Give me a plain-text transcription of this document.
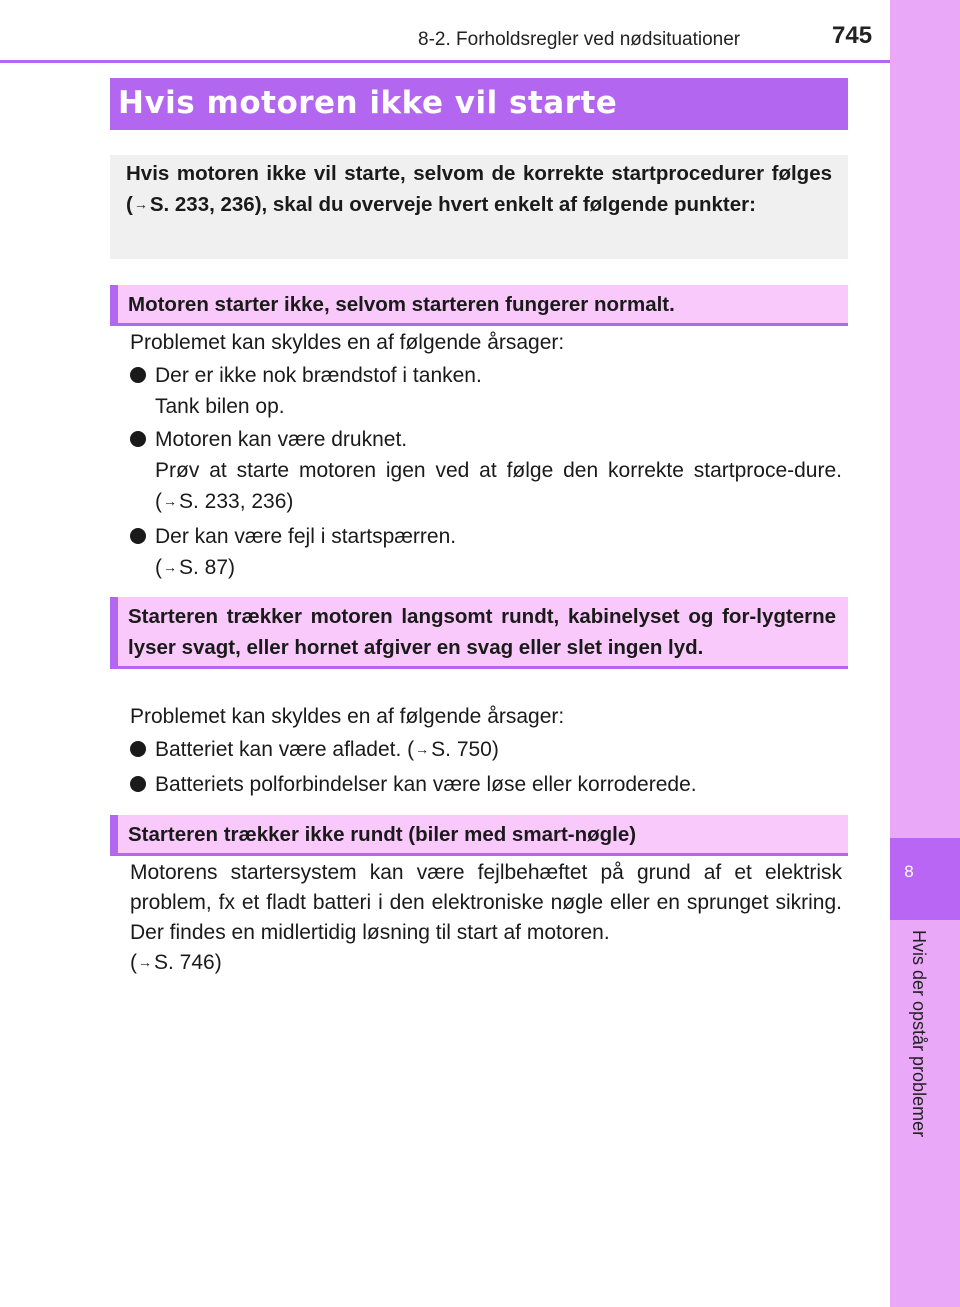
8-2. Forholdsregler ved nødsituationer	745
8
Hvis der opstår problemer
Hvis motoren ikke vil starte
Hvis motoren ikke vil starte, selvom de korrekte startprocedurer følges (→S. 233, 236), skal du overveje hvert enkelt af følgende punkter:
Motoren starter ikke, selvom starteren fungerer normalt.
Problemet kan skyldes en af følgende årsager:
Der er ikke nok brændstof i tanken.
Tank bilen op.
Motoren kan være druknet.
Prøv at starte motoren igen ved at følge den korrekte startproce-dure. (→S. 233, 236)
Der kan være fejl i startspærren.
(→S. 87)
Starteren trækker motoren langsomt rundt, kabinelyset og for-lygterne lyser svagt, eller hornet afgiver en svag eller slet ingen lyd.
Problemet kan skyldes en af følgende årsager:
Batteriet kan være afladet. (→S. 750)
Batteriets polforbindelser kan være løse eller korroderede.
Starteren trækker ikke rundt (biler med smart-nøgle)
Motorens startersystem kan være fejlbehæftet på grund af et elektrisk problem, fx et fladt batteri i den elektroniske nøgle eller en sprunget sikring. Der findes en midlertidig løsning til start af motoren.
(→S. 746)
